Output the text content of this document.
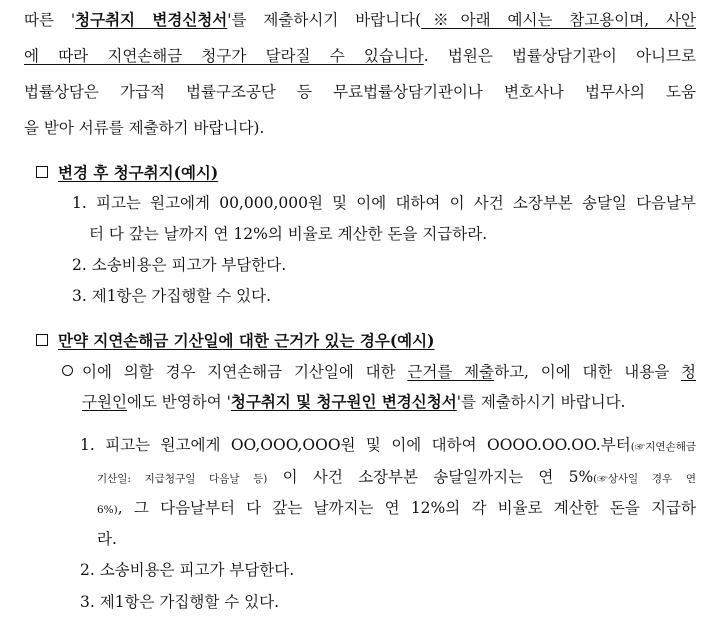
따른 '청구취지 변경신청서'를 제출하시기 바랍니다(※아래 예시는 참고용이며, 사안
에 따라 지연손해금 청구가 달라질 수 있습니다. 법원은 법률상담기관이 아니므로
법률상담은 가급적 법률구조공단 등 무료법률상담기관이나 변호사나 법무사의 도움
을 받아 서류를 제출하기 바랍니다).
변경 후 청구취지(예시)
1. 피고는 원고에게 00,000,000원 및 이에 대하여 이 사건 소장부본 송달일 다음날부
터 다 갚는 날까지 연 12%의 비율로 계산한 돈을 지급하라.
2. 소송비용은 피고가 부담한다.
3. 제1항은 가집행할 수 있다.
만약 지연손해금 기산일에 대한 근거가 있는 경우(예시)
이에 의할 경우 지연손해금 기산일에 대한 근거를 제출하고, 이에 대한 내용을 청
구원인에도 반영하여 '청구취지 및 청구원인 변경신청서'를 제출하시기 바랍니다.
1. 피고는 원고에게 OO,OOO,OOO원 및 이에 대하여 OOOO.OO.OO.부터(☞지연손해금
기산일: 지급청구일 다음날 등) 이 사건 소장부본 송달일까지는 연 5%(☞상사일 경우 연
6%), 그 다음날부터 다 갚는 날까지는 연 12%의 각 비율로 계산한 돈을 지급하
라.
2. 소송비용은 피고가 부담한다.
3. 제1항은 가집행할 수 있다.
